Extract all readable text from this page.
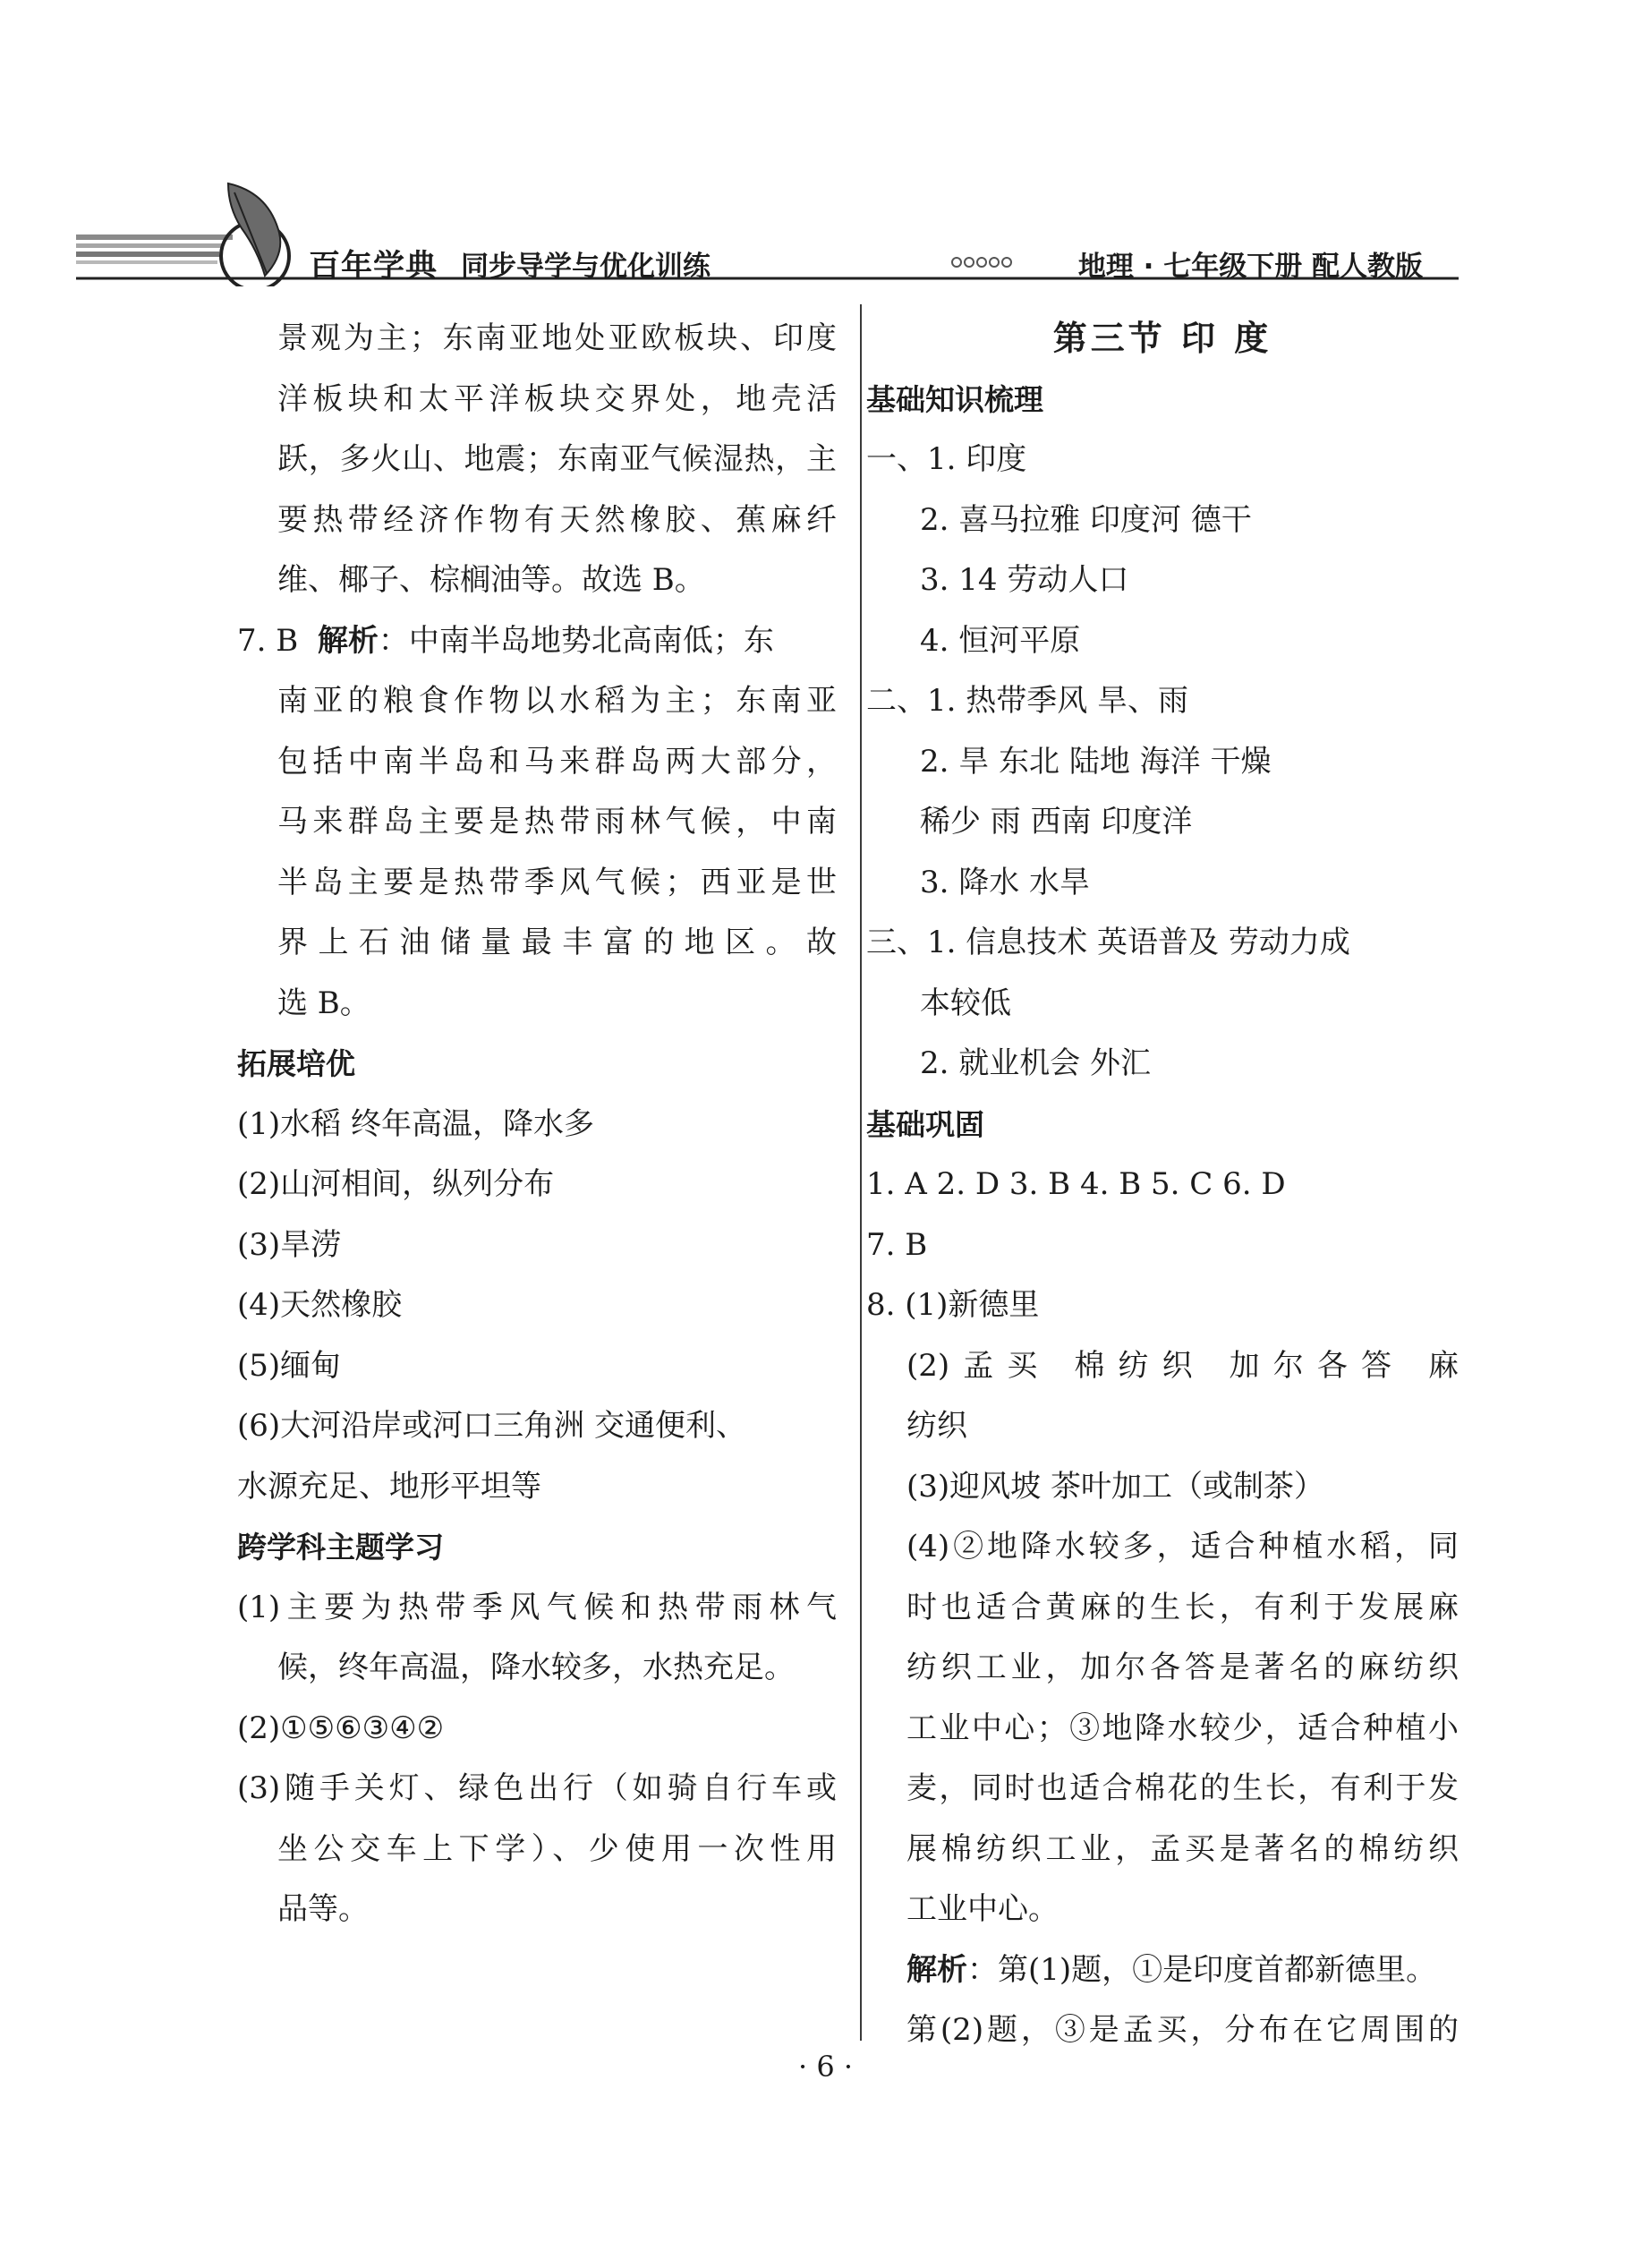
百年学典 同步导学与优化训练	地理 · 七年级下册 配人教版
景观为主；东南亚地处亚欧板块、印度
洋板块和太平洋板块交界处，地壳活
跃，多火山、地震；东南亚气候湿热，主
要热带经济作物有天然橡胶、蕉麻纤
维、椰子、棕榈油等。故选 B。
7. B 解析：中南半岛地势北高南低；东
南亚的粮食作物以水稻为主；东南亚
包括中南半岛和马来群岛两大部分，
马来群岛主要是热带雨林气候，中南
半岛主要是热带季风气候；西亚是世
界上石油储量最丰富的地区。故
选 B。
拓展培优
(1)水稻 终年高温，降水多
(2)山河相间，纵列分布
(3)旱涝
(4)天然橡胶
(5)缅甸
(6)大河沿岸或河口三角洲 交通便利、
水源充足、地形平坦等
跨学科主题学习
(1)主要为热带季风气候和热带雨林气
候，终年高温，降水较多，水热充足。
(2)①⑤⑥③④②
(3)随手关灯、绿色出行（如骑自行车或
坐公交车上下学）、少使用一次性用
品等。
第三节 印 度
基础知识梳理
一、1. 印度
2. 喜马拉雅 印度河 德干
3. 14 劳动人口
4. 恒河平原
二、1. 热带季风 旱、雨
2. 旱 东北 陆地 海洋 干燥
稀少 雨 西南 印度洋
3. 降水 水旱
三、1. 信息技术 英语普及 劳动力成
本较低
2. 就业机会 外汇
基础巩固
1. A 2. D 3. B 4. B 5. C 6. D
7. B
8. (1)新德里
(2)孟买 棉纺织 加尔各答 麻
纺织
(3)迎风坡 茶叶加工（或制茶）
(4)②地降水较多，适合种植水稻，同
时也适合黄麻的生长，有利于发展麻
纺织工业，加尔各答是著名的麻纺织
工业中心；③地降水较少，适合种植小
麦，同时也适合棉花的生长，有利于发
展棉纺织工业，孟买是著名的棉纺织
工业中心。
解析：第(1)题，①是印度首都新德里。
第(2)题，③是孟买，分布在它周围的
· 6 ·
